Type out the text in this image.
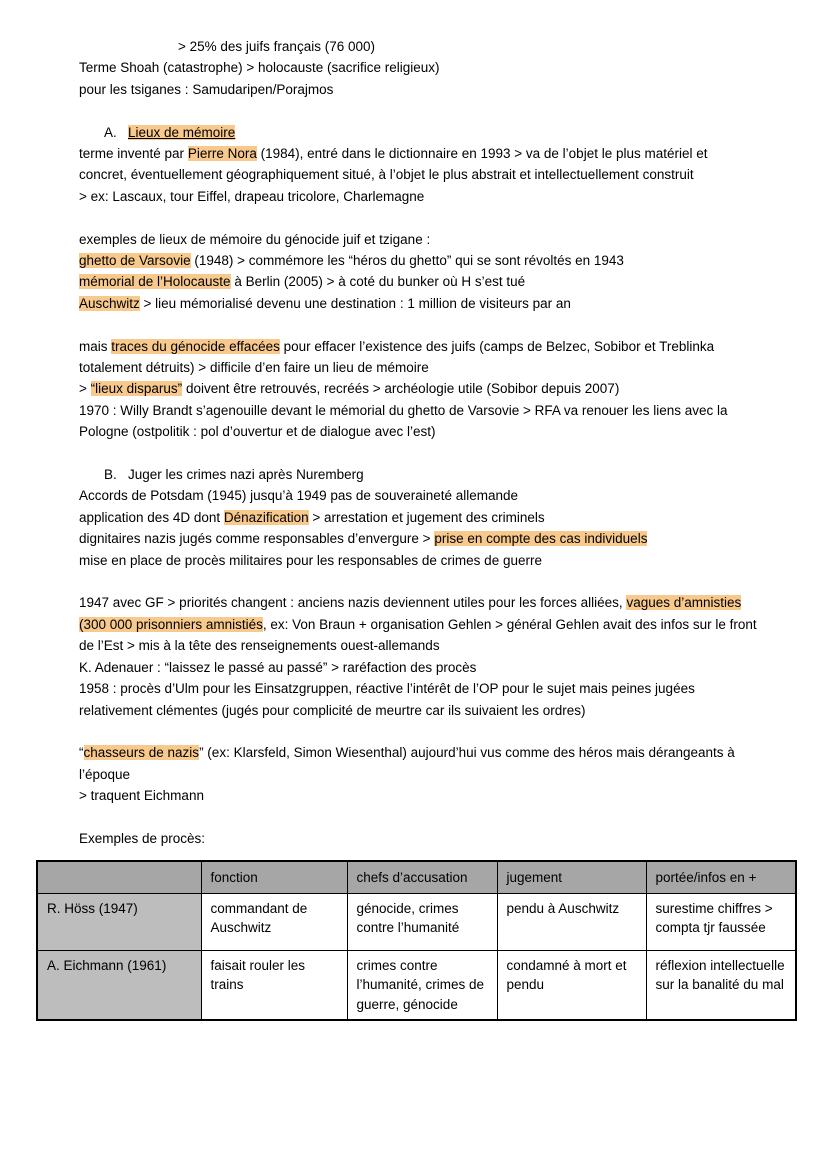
> 25% des juifs français (76 000)

Terme Shoah (catastrophe) > holocauste (sacrifice religieux)

pour les tsiganes : Samudaripen/Porajmos

A. Lieux de mémoire

terme inventé par Pierre Nora (1984), entré dans le dictionnaire en 1993 > va de l’objet le plus matériel et concret, éventuellement géographiquement situé, à l’objet le plus abstrait et intellectuellement construit

> ex: Lascaux, tour Eiffel, drapeau tricolore, Charlemagne

exemples de lieux de mémoire du génocide juif et tzigane :

ghetto de Varsovie (1948) > commémore les “héros du ghetto” qui se sont révoltés en 1943

mémorial de l’Holocauste à Berlin (2005) > à coté du bunker où H s’est tué

Auschwitz > lieu mémorialisé devenu une destination : 1 million de visiteurs par an

mais traces du génocide effacées pour effacer l’existence des juifs (camps de Belzec, Sobibor et Treblinka totalement détruits) > difficile d’en faire un lieu de mémoire

> “lieux disparus” doivent être retrouvés, recréés > archéologie utile (Sobibor depuis 2007)

1970 : Willy Brandt s’agenouille devant le mémorial du ghetto de Varsovie > RFA va renouer les liens avec la Pologne (ostpolitik : pol d’ouvertur et de dialogue avec l’est)

B. Juger les crimes nazi après Nuremberg

Accords de Potsdam (1945) jusqu’à 1949 pas de souveraineté allemande

application des 4D dont Dénazification > arrestation et jugement des criminels

dignitaires nazis jugés comme responsables d’envergure > prise en compte des cas individuels

mise en place de procès militaires pour les responsables de crimes de guerre

1947 avec GF > priorités changent : anciens nazis deviennent utiles pour les forces alliées, vagues d’amnisties (300 000 prisonniers amnistiés, ex: Von Braun + organisation Gehlen > général Gehlen avait des infos sur le front de l’Est > mis à la tête des renseignements ouest-allemands

K. Adenauer : “laissez le passé au passé” > raréfaction des procès

1958 : procès d’Ulm pour les Einsatzgruppen, réactive l’intérêt de l’OP pour le sujet mais peines jugées relativement clémentes (jugés pour complicité de meurtre car ils suivaient les ordres)

“chasseurs de nazis” (ex: Klarsfeld, Simon Wiesenthal) aujourd’hui vus comme des héros mais dérangeants à l’époque

> traquent Eichmann

Exemples de procès:

	fonction	chefs d’accusation	jugement	portée/infos en +
R. Höss (1947)	commandant de Auschwitz	génocide, crimes contre l’humanité	pendu à Auschwitz	surestime chiffres > compta tjr faussée
A. Eichmann (1961)	faisait rouler les trains	crimes contre l’humanité, crimes de guerre, génocide	condamné à mort et pendu	réflexion intellectuelle sur la banalité du mal
